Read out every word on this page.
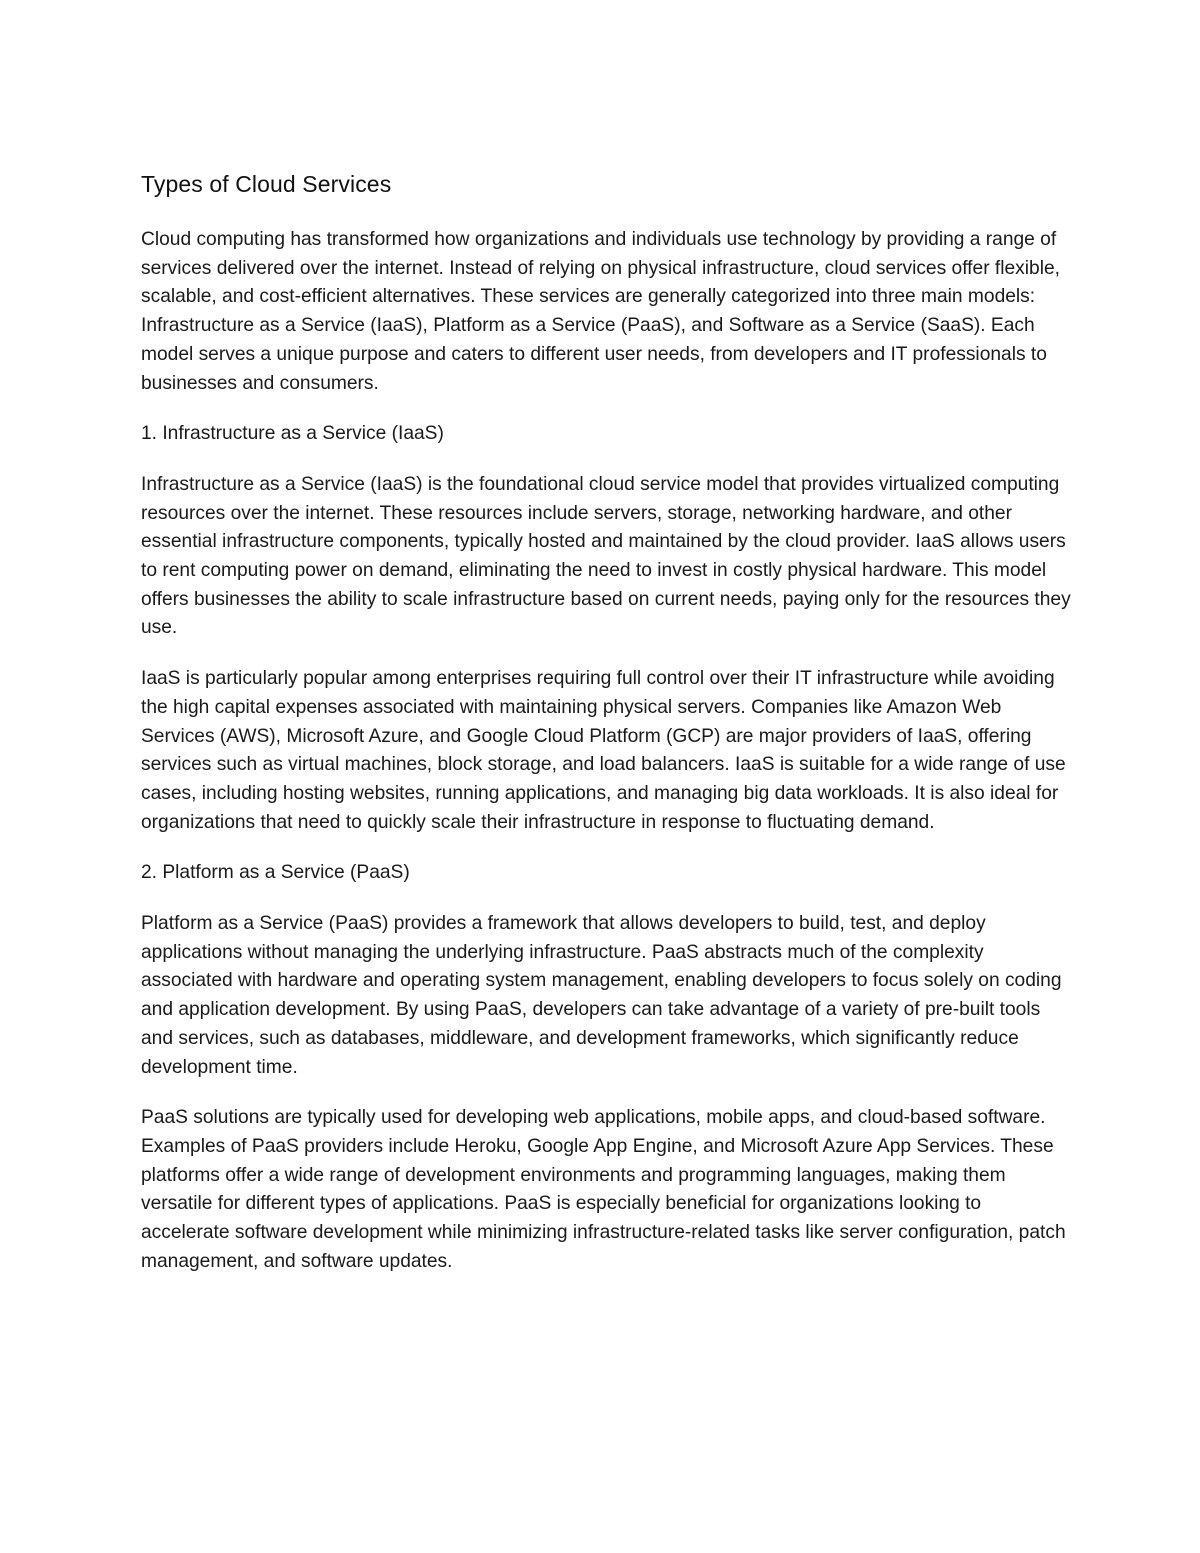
Types of Cloud Services

Cloud computing has transformed how organizations and individuals use technology by providing a range of services delivered over the internet. Instead of relying on physical infrastructure, cloud services offer flexible, scalable, and cost-efficient alternatives. These services are generally categorized into three main models: Infrastructure as a Service (IaaS), Platform as a Service (PaaS), and Software as a Service (SaaS). Each model serves a unique purpose and caters to different user needs, from developers and IT professionals to businesses and consumers.

1. Infrastructure as a Service (IaaS)

Infrastructure as a Service (IaaS) is the foundational cloud service model that provides virtualized computing resources over the internet. These resources include servers, storage, networking hardware, and other essential infrastructure components, typically hosted and maintained by the cloud provider. IaaS allows users to rent computing power on demand, eliminating the need to invest in costly physical hardware. This model offers businesses the ability to scale infrastructure based on current needs, paying only for the resources they use.

IaaS is particularly popular among enterprises requiring full control over their IT infrastructure while avoiding the high capital expenses associated with maintaining physical servers. Companies like Amazon Web Services (AWS), Microsoft Azure, and Google Cloud Platform (GCP) are major providers of IaaS, offering services such as virtual machines, block storage, and load balancers. IaaS is suitable for a wide range of use cases, including hosting websites, running applications, and managing big data workloads. It is also ideal for organizations that need to quickly scale their infrastructure in response to fluctuating demand.

2. Platform as a Service (PaaS)

Platform as a Service (PaaS) provides a framework that allows developers to build, test, and deploy applications without managing the underlying infrastructure. PaaS abstracts much of the complexity associated with hardware and operating system management, enabling developers to focus solely on coding and application development. By using PaaS, developers can take advantage of a variety of pre-built tools and services, such as databases, middleware, and development frameworks, which significantly reduce development time.

PaaS solutions are typically used for developing web applications, mobile apps, and cloud-based software. Examples of PaaS providers include Heroku, Google App Engine, and Microsoft Azure App Services. These platforms offer a wide range of development environments and programming languages, making them versatile for different types of applications. PaaS is especially beneficial for organizations looking to accelerate software development while minimizing infrastructure-related tasks like server configuration, patch management, and software updates.
